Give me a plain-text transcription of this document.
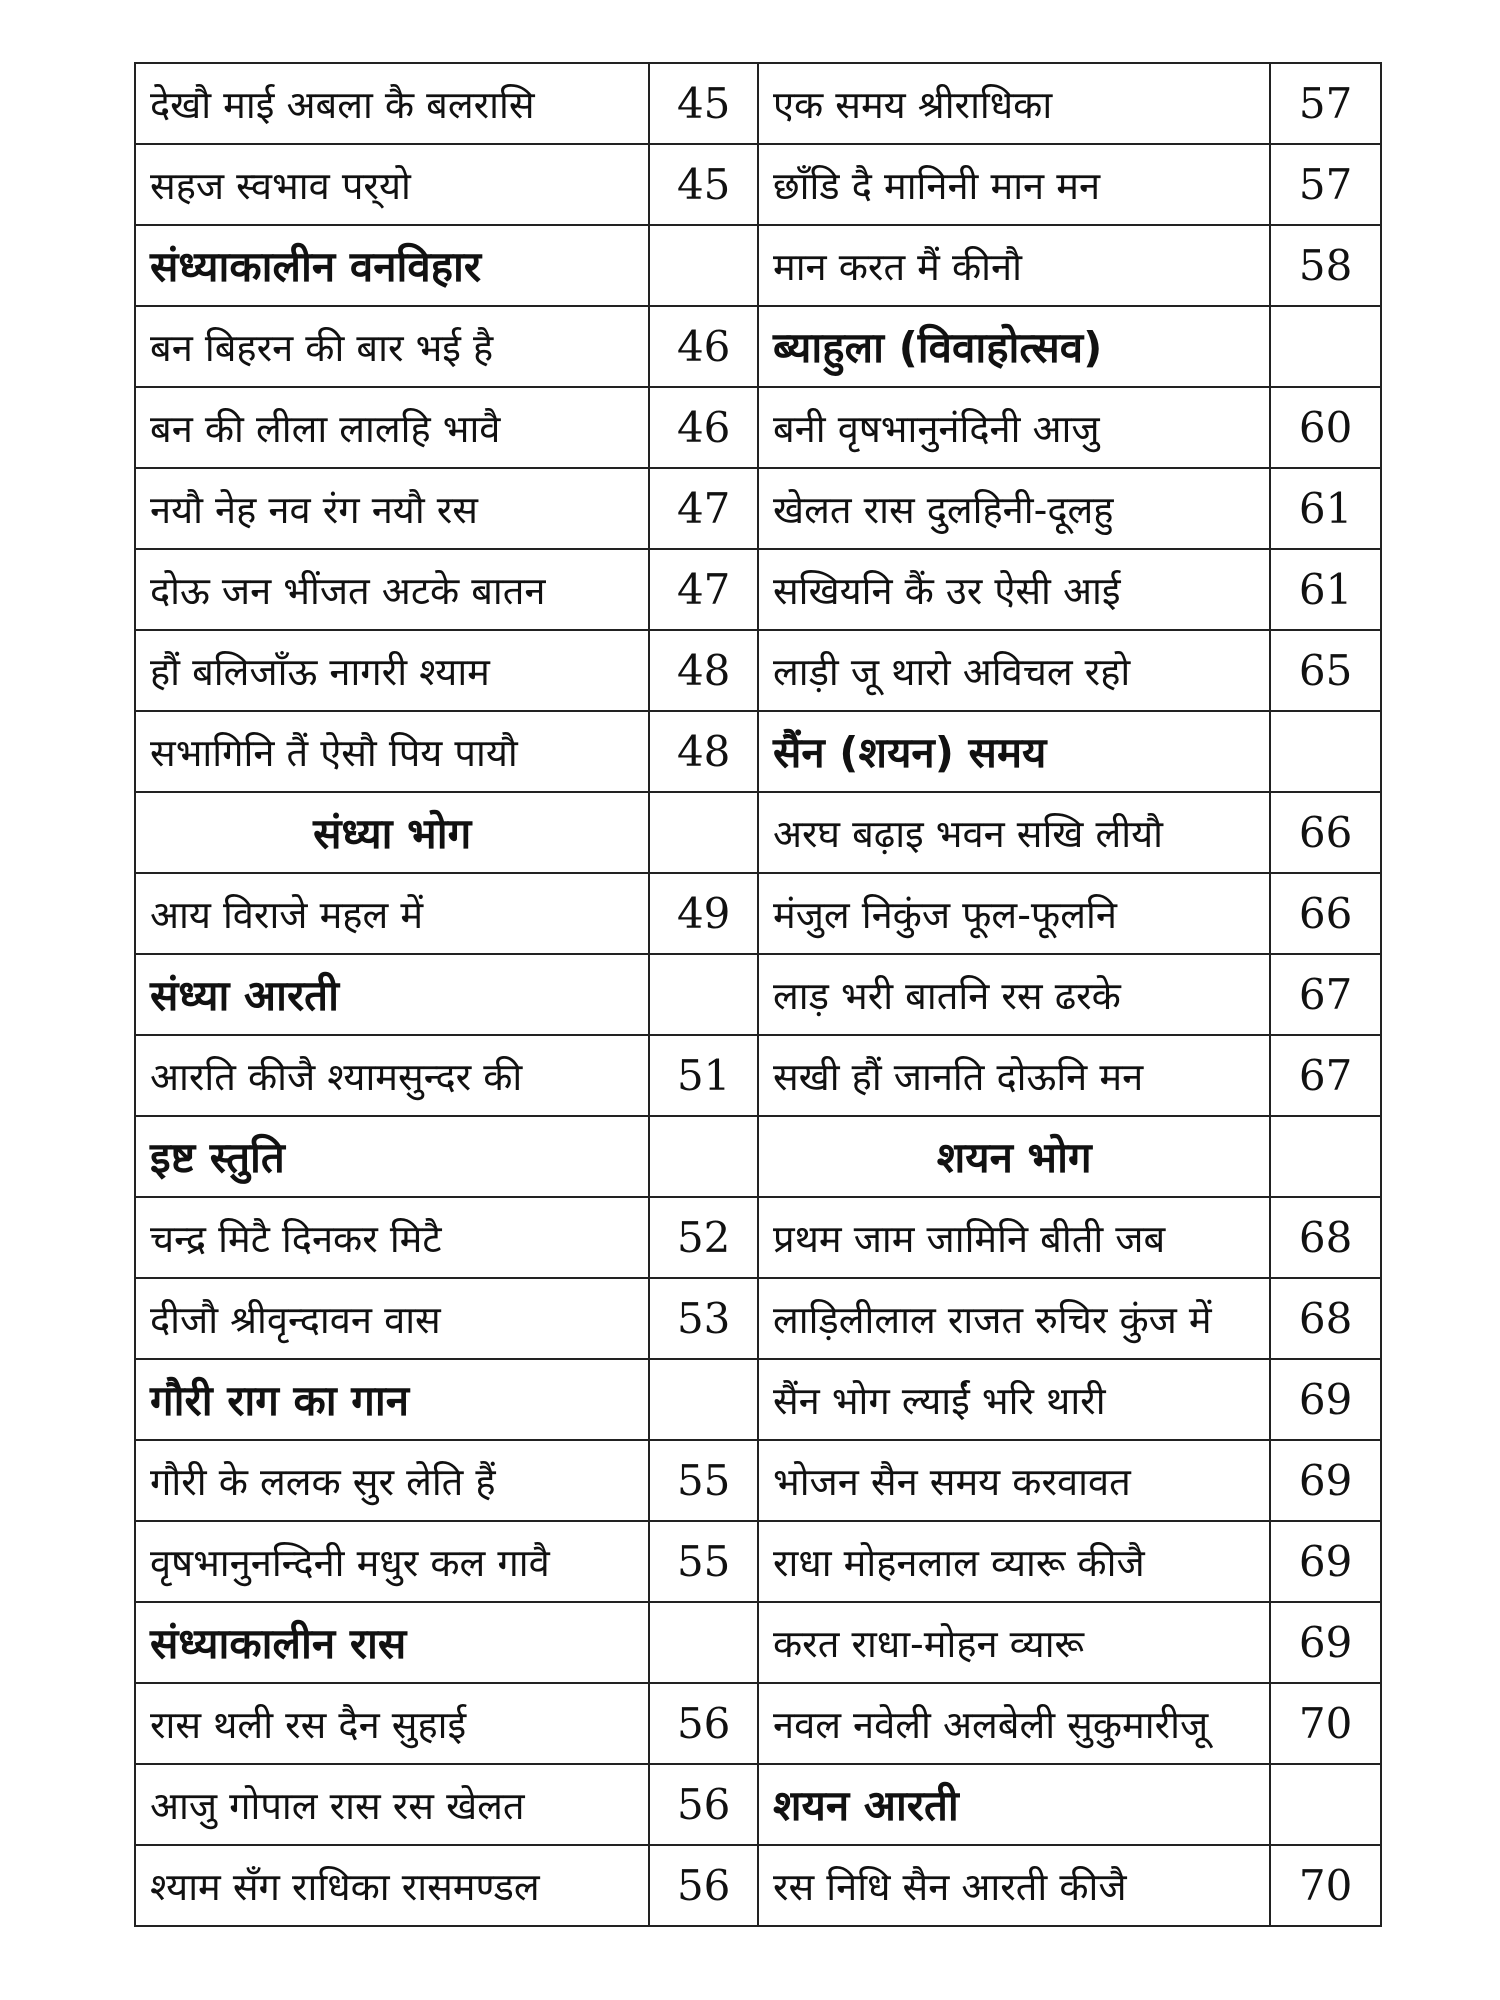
देखौ माई अबला कै बलरासि	45	एक समय श्रीराधिका	57
सहज स्वभाव पर्‌यो	45	छाँडि दै मानिनी मान मन	57
संध्याकालीन वनविहार		मान करत मैं कीनौ	58
बन बिहरन की बार भई है	46	ब्याहुला (विवाहोत्सव)	
बन की लीला लालहि भावै	46	बनी वृषभानुनंदिनी आजु	60
नयौ नेह नव रंग नयौ रस	47	खेलत रास दुलहिनी-दूलहु	61
दोऊ जन भींजत अटके बातन	47	सखियनि कैं उर ऐसी आई	61
हौं बलिजाँऊ नागरी श्याम	48	लाड़ी जू थारो अविचल रहो	65
सभागिनि तैं ऐसौ पिय पायौ	48	सैंन (शयन) समय	
संध्या भोग		अरघ बढ़ाइ भवन सखि लीयौ	66
आय विराजे महल में	49	मंजुल निकुंज फूल-फूलनि	66
संध्या आरती		लाड़ भरी बातनि रस ढरके	67
आरति कीजै श्यामसुन्दर की	51	सखी हौं जानति दोऊनि मन	67
इष्ट स्तुति		शयन भोग	
चन्द्र मिटै दिनकर मिटै	52	प्रथम जाम जामिनि बीती जब	68
दीजौ श्रीवृन्दावन वास	53	लाड़िलीलाल राजत रुचिर कुंज में	68
गौरी राग का गान		सैंन भोग ल्याईं भरि थारी	69
गौरी के ललक सुर लेति हैं	55	भोजन सैन समय करवावत	69
वृषभानुनन्दिनी मधुर कल गावै	55	राधा मोहनलाल व्यारू कीजै	69
संध्याकालीन रास		करत राधा-मोहन व्यारू	69
रास थली रस दैन सुहाई	56	नवल नवेली अलबेली सुकुमारीजू	70
आजु गोपाल रास रस खेलत	56	शयन आरती	
श्याम सँग राधिका रासमण्डल	56	रस निधि सैन आरती कीजै	70
